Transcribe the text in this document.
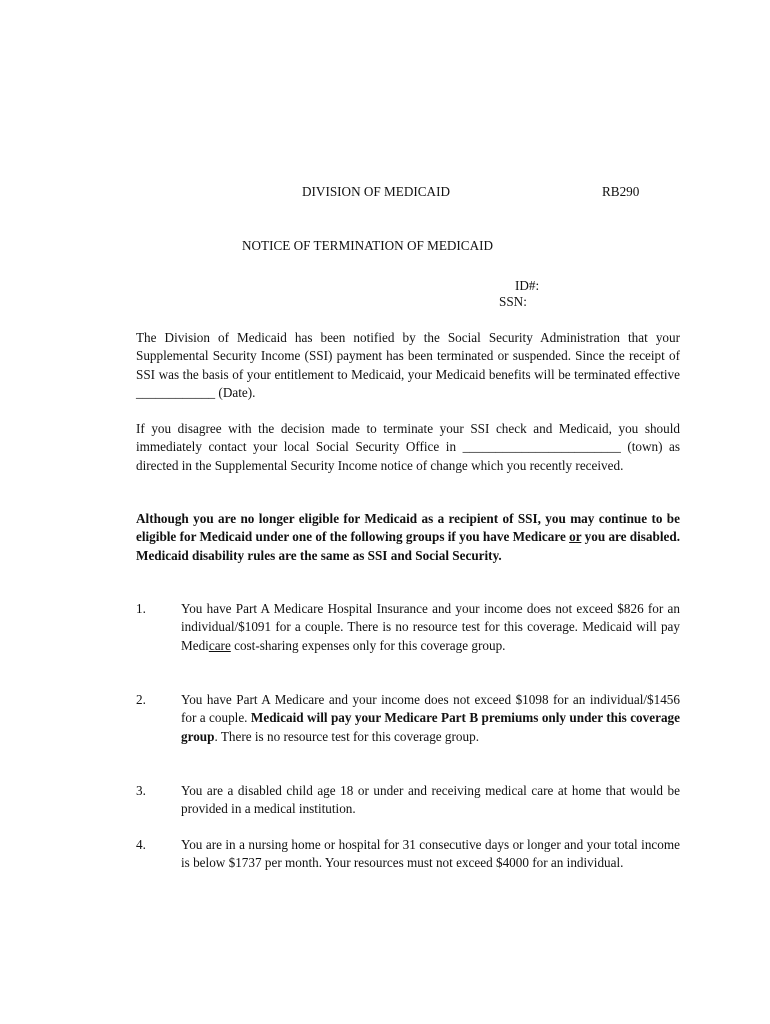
DIVISION OF MEDICAID	RB290
NOTICE OF TERMINATION OF MEDICAID
ID#:
SSN:
The Division of Medicaid has been notified by the Social Security Administration that your Supplemental Security Income (SSI) payment has been terminated or suspended. Since the receipt of SSI was the basis of your entitlement to Medicaid, your Medicaid benefits will be terminated effective ____________ (Date).
If you disagree with the decision made to terminate your SSI check and Medicaid, you should immediately contact your local Social Security Office in ________________________ (town) as directed in the Supplemental Security Income notice of change which you recently received.
Although you are no longer eligible for Medicaid as a recipient of SSI, you may continue to be eligible for Medicaid under one of the following groups if you have Medicare or you are disabled. Medicaid disability rules are the same as SSI and Social Security.
1.	You have Part A Medicare Hospital Insurance and your income does not exceed $826 for an individual/$1091 for a couple. There is no resource test for this coverage. Medicaid will pay Medicare cost-sharing expenses only for this coverage group.
2.	You have Part A Medicare and your income does not exceed $1098 for an individual/$1456 for a couple. Medicaid will pay your Medicare Part B premiums only under this coverage group. There is no resource test for this coverage group.
3.	You are a disabled child age 18 or under and receiving medical care at home that would be provided in a medical institution.
4.	You are in a nursing home or hospital for 31 consecutive days or longer and your total income is below $1737 per month. Your resources must not exceed $4000 for an individual.
